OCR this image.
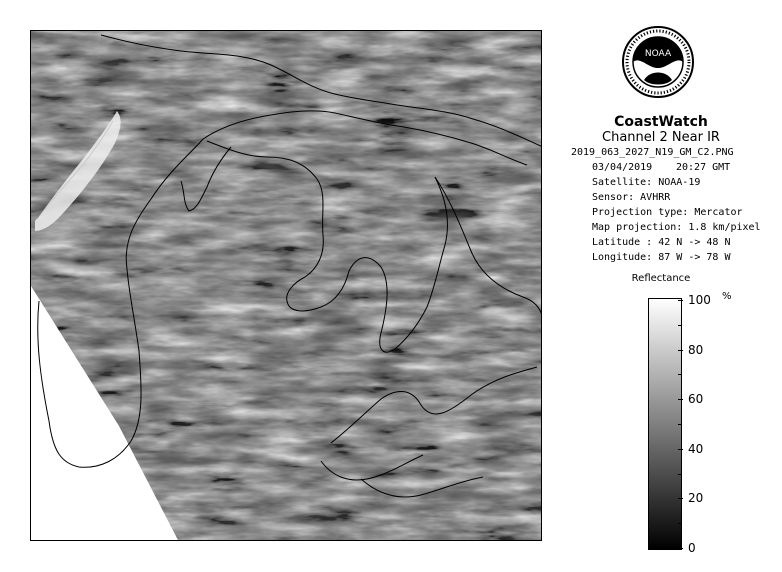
NOAA
CoastWatch
Channel 2 Near IR
2019_063_2027_N19_GM_C2.PNG
03/04/2019 20:27 GMT
Satellite: NOAA-19
Sensor: AVHRR
Projection type: Mercator
Map projection: 1.8 km/pixel
Latitude : 42 N -> 48 N
Longitude: 87 W -> 78 W
Reflectance
%
100
80
60
40
20
0
